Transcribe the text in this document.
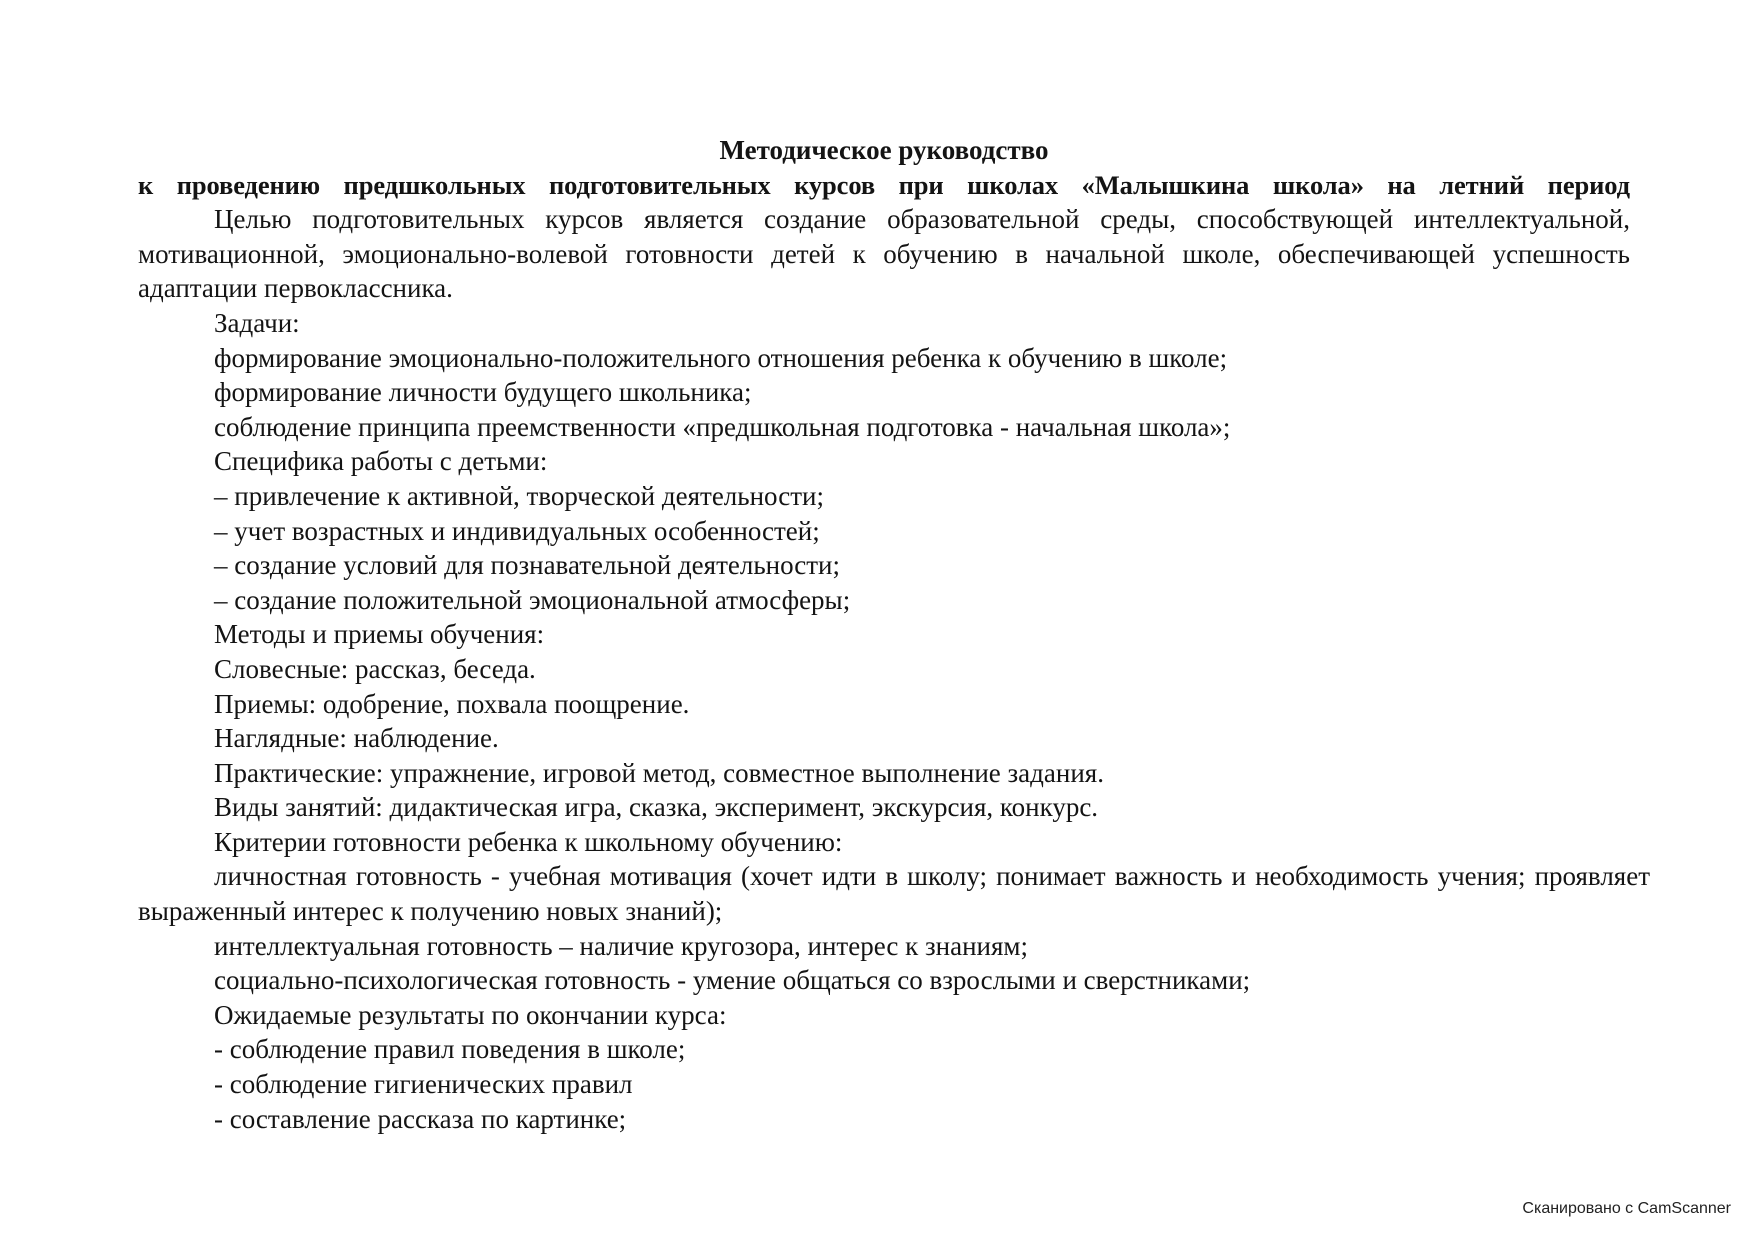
Методическое руководство

к проведению предшкольных подготовительных курсов при школах «Малышкина школа» на летний период

Целью подготовительных курсов является создание образовательной среды, способствующей интеллектуальной, мотивационной, эмоционально-волевой готовности детей к обучению в начальной школе, обеспечивающей успешность адаптации первоклассника.

Задачи:

формирование эмоционально-положительного отношения ребенка к обучению в школе;

формирование личности будущего школьника;

соблюдение принципа преемственности «предшкольная подготовка - начальная школа»;

Специфика работы с детьми:

– привлечение к активной, творческой деятельности;

– учет возрастных и индивидуальных особенностей;

– создание условий для познавательной деятельности;

– создание положительной эмоциональной атмосферы;

Методы и приемы обучения:

Словесные: рассказ, беседа.

Приемы: одобрение, похвала поощрение.

Наглядные: наблюдение.

Практические: упражнение, игровой метод, совместное выполнение задания.

Виды занятий: дидактическая игра, сказка, эксперимент, экскурсия, конкурс.

Критерии готовности ребенка к школьному обучению:

личностная готовность - учебная мотивация (хочет идти в школу; понимает важность и необходимость учения; проявляет выраженный интерес к получению новых знаний);

интеллектуальная готовность – наличие кругозора, интерес к знаниям;

социально-психологическая готовность - умение общаться со взрослыми и сверстниками;

Ожидаемые результаты по окончании курса:

- соблюдение правил поведения в школе;

- соблюдение гигиенических правил

- составление рассказа по картинке;

Сканировано с CamScanner
